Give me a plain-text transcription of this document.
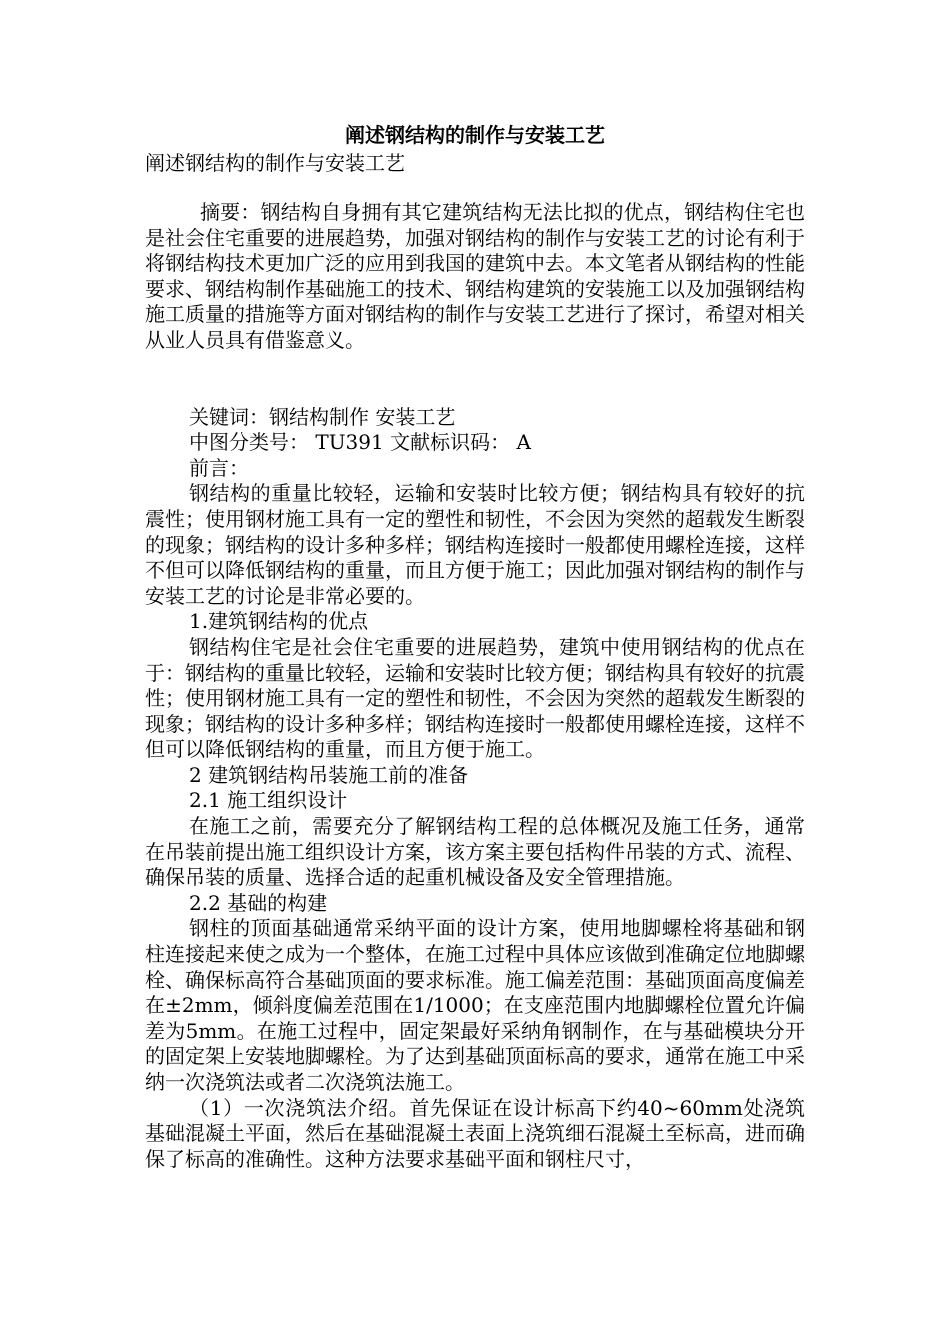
阐述钢结构的制作与安装工艺
阐述钢结构的制作与安装工艺

摘要：钢结构自身拥有其它建筑结构无法比拟的优点，钢结构住宅也是社会住宅重要的进展趋势，加强对钢结构的制作与安装工艺的讨论有利于将钢结构技术更加广泛的应用到我国的建筑中去。本文笔者从钢结构的性能要求、钢结构制作基础施工的技术、钢结构建筑的安装施工以及加强钢结构施工质量的措施等方面对钢结构的制作与安装工艺进行了探讨，希望对相关从业人员具有借鉴意义。

关键词：钢结构制作 安装工艺

中图分类号： TU391 文献标识码： A

前言：

钢结构的重量比较轻，运输和安装时比较方便；钢结构具有较好的抗震性；使用钢材施工具有一定的塑性和韧性，不会因为突然的超载发生断裂的现象；钢结构的设计多种多样；钢结构连接时一般都使用螺栓连接，这样不但可以降低钢结构的重量，而且方便于施工；因此加强对钢结构的制作与安装工艺的讨论是非常必要的。

1.建筑钢结构的优点

钢结构住宅是社会住宅重要的进展趋势，建筑中使用钢结构的优点在于：钢结构的重量比较轻，运输和安装时比较方便；钢结构具有较好的抗震性；使用钢材施工具有一定的塑性和韧性，不会因为突然的超载发生断裂的现象；钢结构的设计多种多样；钢结构连接时一般都使用螺栓连接，这样不但可以降低钢结构的重量，而且方便于施工。

2 建筑钢结构吊装施工前的准备

2.1 施工组织设计

在施工之前，需要充分了解钢结构工程的总体概况及施工任务，通常在吊装前提出施工组织设计方案，该方案主要包括构件吊装的方式、流程、确保吊装的质量、选择合适的起重机械设备及安全管理措施。

2.2 基础的构建

钢柱的顶面基础通常采纳平面的设计方案，使用地脚螺栓将基础和钢柱连接起来使之成为一个整体，在施工过程中具体应该做到准确定位地脚螺栓、确保标高符合基础顶面的要求标准。施工偏差范围：基础顶面高度偏差在±2mm，倾斜度偏差范围在1/1000；在支座范围内地脚螺栓位置允许偏差为5mm。在施工过程中，固定架最好采纳角钢制作，在与基础模块分开的固定架上安装地脚螺栓。为了达到基础顶面标高的要求，通常在施工中采纳一次浇筑法或者二次浇筑法施工。

（1）一次浇筑法介绍。首先保证在设计标高下约40~60mm处浇筑基础混凝土平面，然后在基础混凝土表面上浇筑细石混凝土至标高，进而确保了标高的准确性。这种方法要求基础平面和钢柱尺寸，
